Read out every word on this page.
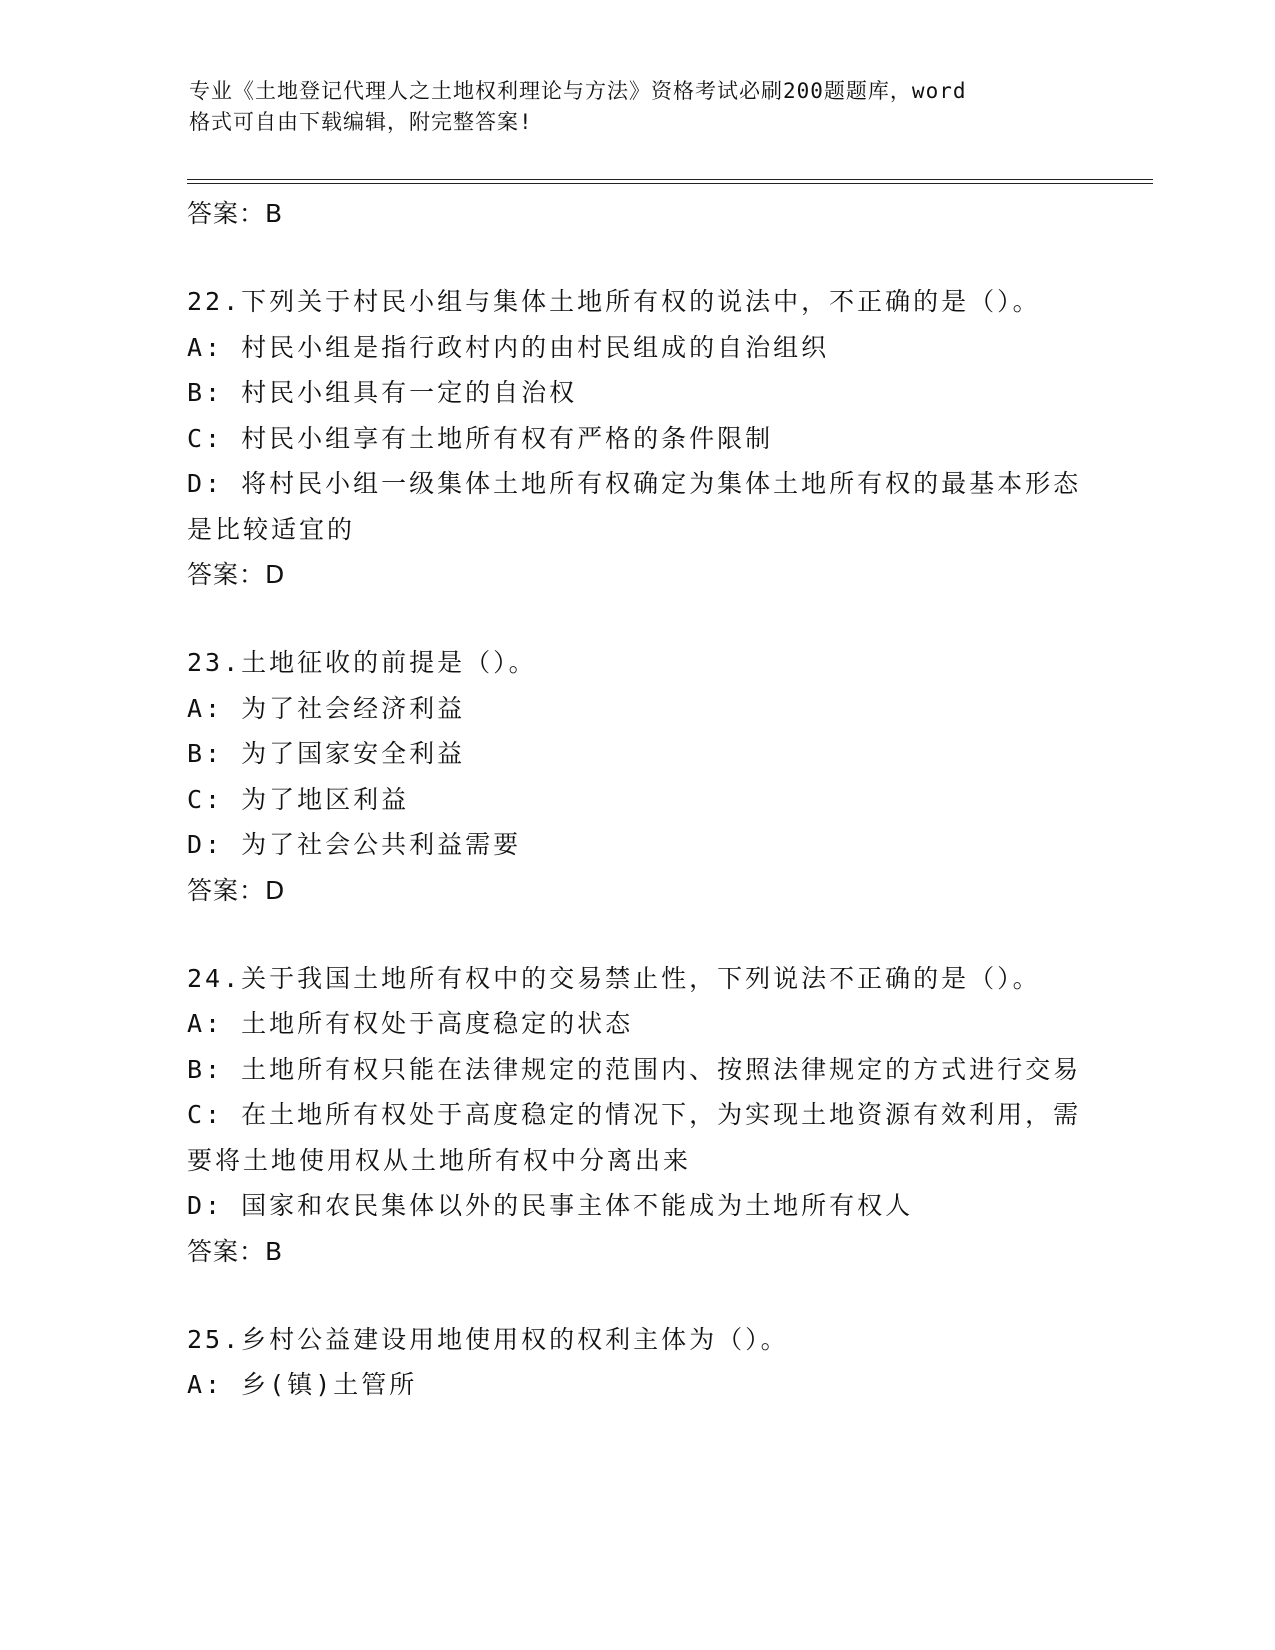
专业《土地登记代理人之土地权利理论与方法》资格考试必刷200题题库，word
格式可自由下载编辑，附完整答案!
答案：B
22.下列关于村民小组与集体土地所有权的说法中，不正确的是（）。
A: 村民小组是指行政村内的由村民组成的自治组织
B: 村民小组具有一定的自治权
C: 村民小组享有土地所有权有严格的条件限制
D: 将村民小组一级集体土地所有权确定为集体土地所有权的最基本形态是比较适宜的
答案：D
23.土地征收的前提是（）。
A: 为了社会经济利益
B: 为了国家安全利益
C: 为了地区利益
D: 为了社会公共利益需要
答案：D
24.关于我国土地所有权中的交易禁止性，下列说法不正确的是（）。
A: 土地所有权处于高度稳定的状态
B: 土地所有权只能在法律规定的范围内、按照法律规定的方式进行交易
C: 在土地所有权处于高度稳定的情况下，为实现土地资源有效利用，需要将土地使用权从土地所有权中分离出来
D: 国家和农民集体以外的民事主体不能成为土地所有权人
答案：B
25.乡村公益建设用地使用权的权利主体为（）。
A: 乡(镇)土管所
